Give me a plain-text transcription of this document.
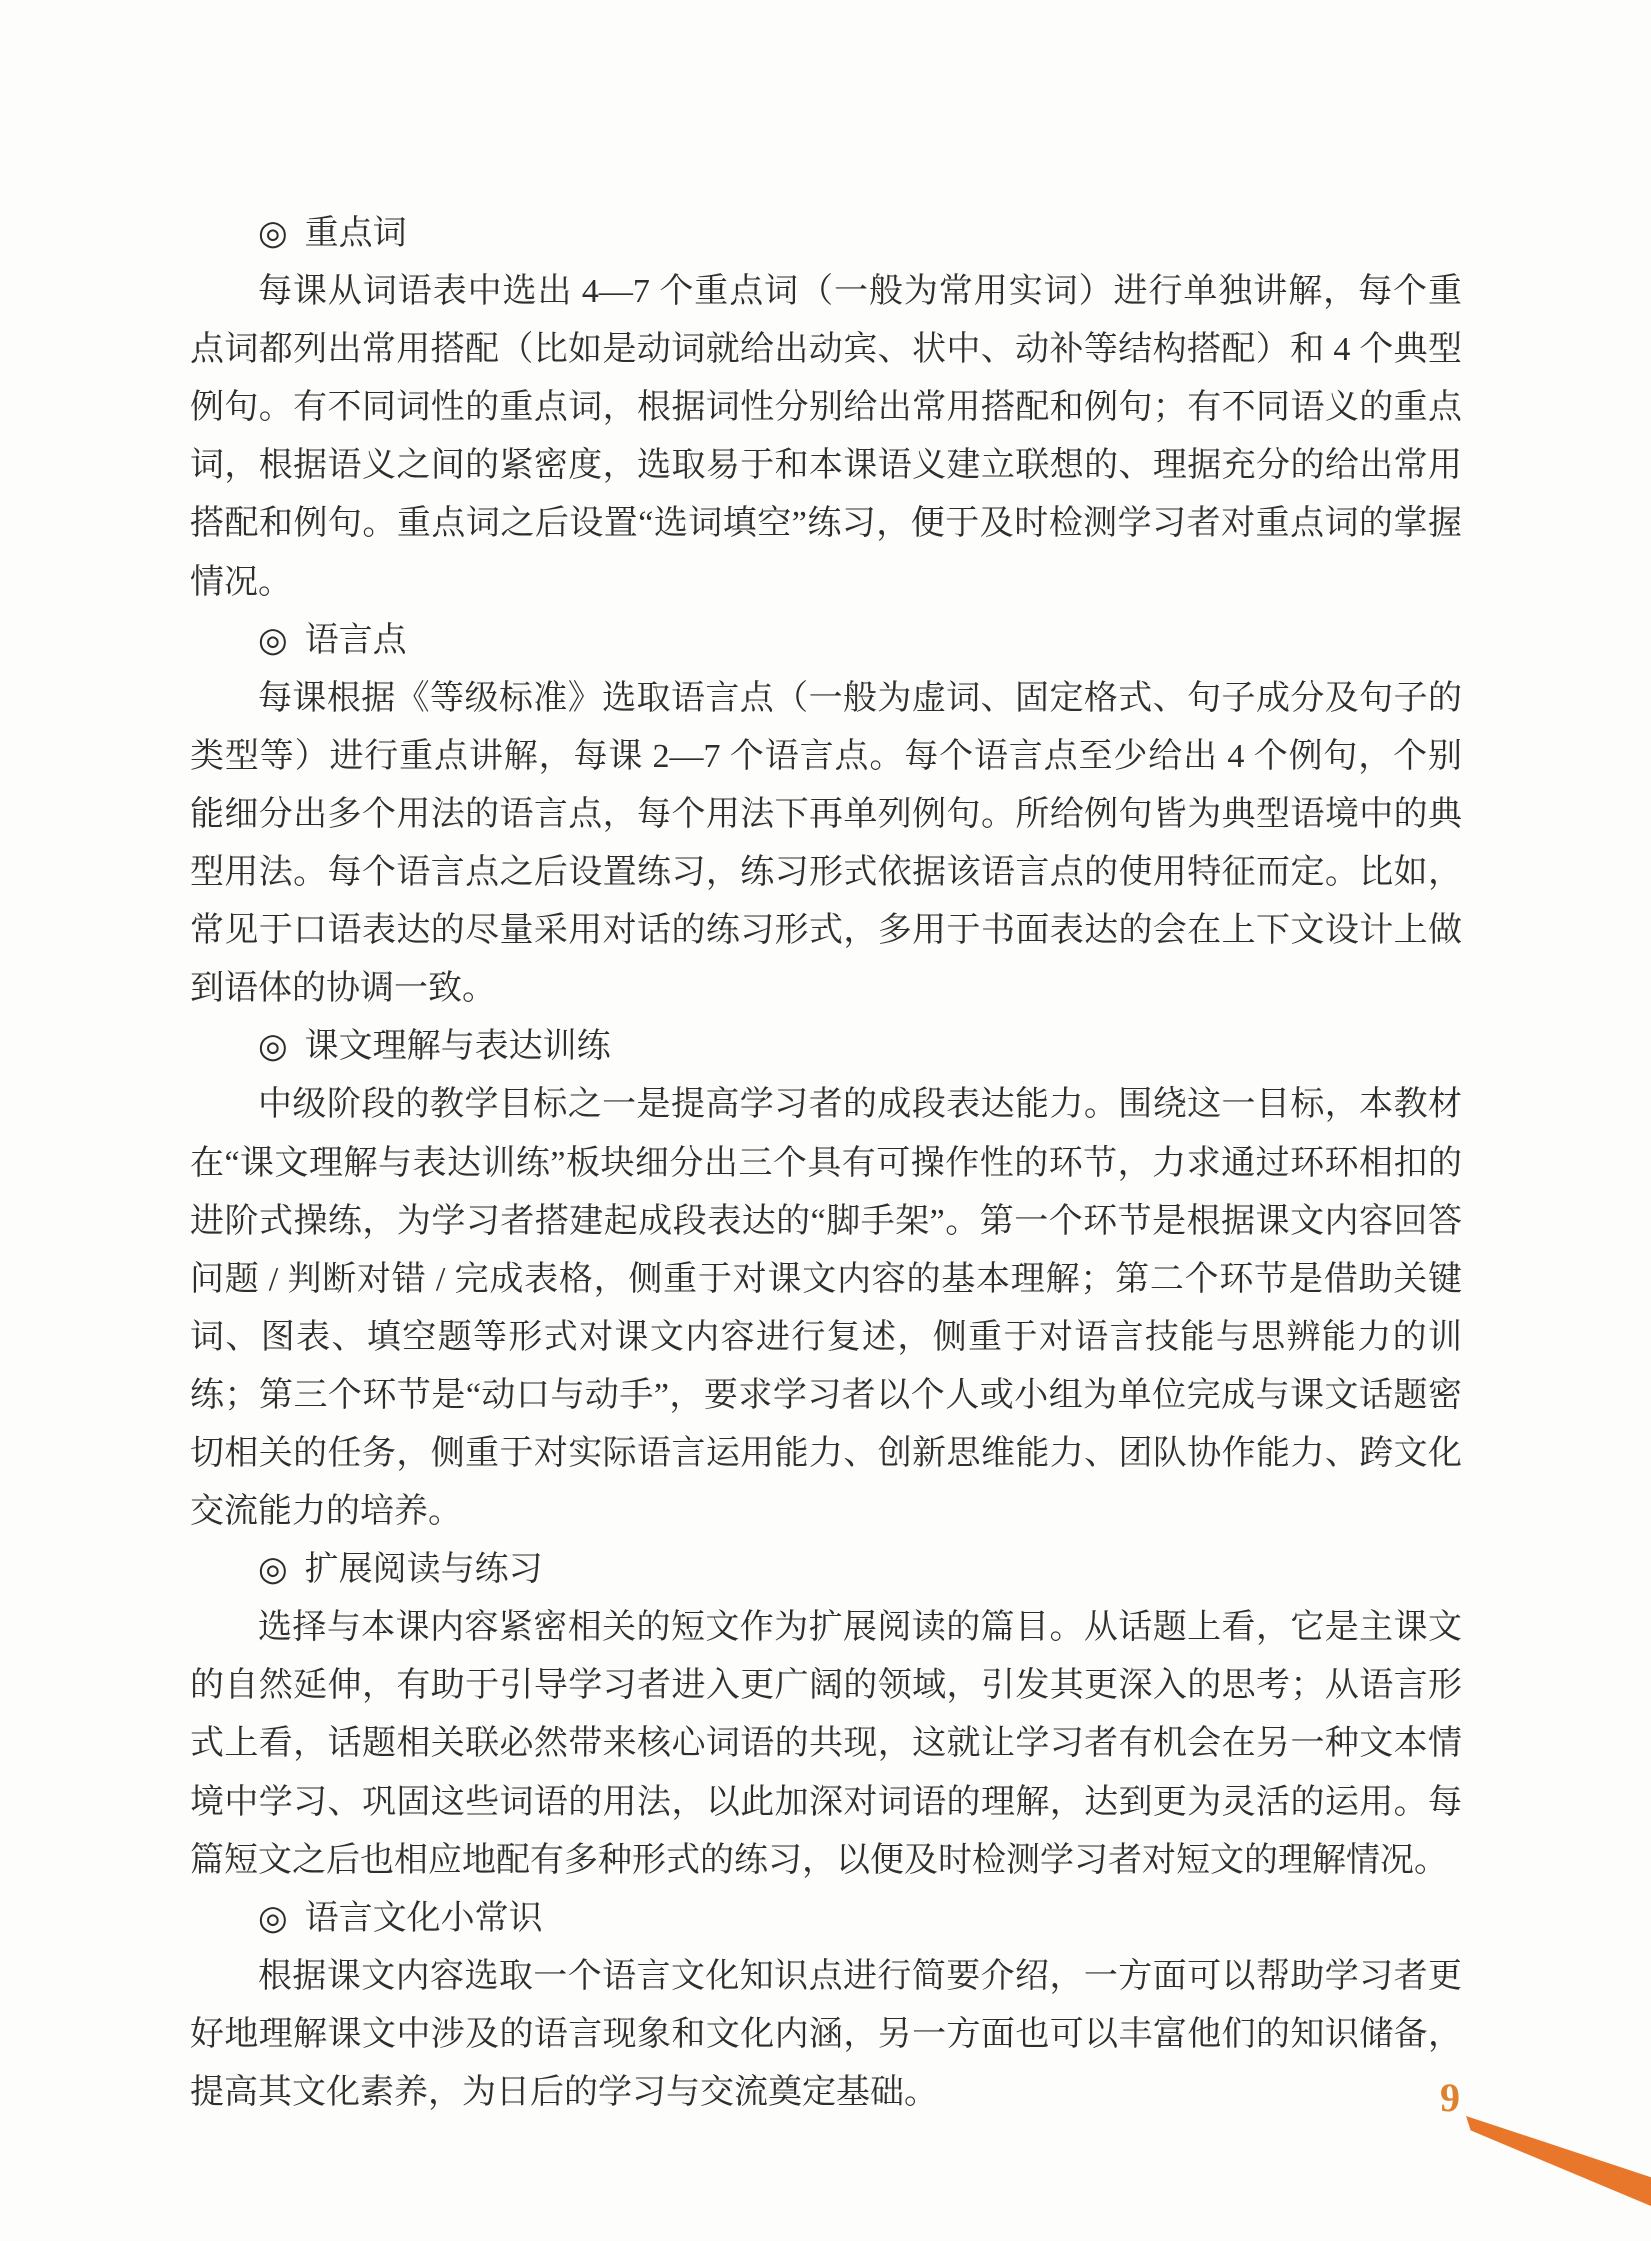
◎ 重点词

每课从词语表中选出 4—7 个重点词（一般为常用实词）进行单独讲解，每个重点词都列出常用搭配（比如是动词就给出动宾、状中、动补等结构搭配）和 4 个典型例句。有不同词性的重点词，根据词性分别给出常用搭配和例句；有不同语义的重点词，根据语义之间的紧密度，选取易于和本课语义建立联想的、理据充分的给出常用搭配和例句。重点词之后设置“选词填空”练习，便于及时检测学习者对重点词的掌握情况。

◎ 语言点

每课根据《等级标准》选取语言点（一般为虚词、固定格式、句子成分及句子的类型等）进行重点讲解，每课 2—7 个语言点。每个语言点至少给出 4 个例句，个别能细分出多个用法的语言点，每个用法下再单列例句。所给例句皆为典型语境中的典型用法。每个语言点之后设置练习，练习形式依据该语言点的使用特征而定。比如，常见于口语表达的尽量采用对话的练习形式，多用于书面表达的会在上下文设计上做到语体的协调一致。

◎ 课文理解与表达训练

中级阶段的教学目标之一是提高学习者的成段表达能力。围绕这一目标，本教材在“课文理解与表达训练”板块细分出三个具有可操作性的环节，力求通过环环相扣的进阶式操练，为学习者搭建起成段表达的“脚手架”。第一个环节是根据课文内容回答问题 / 判断对错 / 完成表格，侧重于对课文内容的基本理解；第二个环节是借助关键词、图表、填空题等形式对课文内容进行复述，侧重于对语言技能与思辨能力的训练；第三个环节是“动口与动手”，要求学习者以个人或小组为单位完成与课文话题密切相关的任务，侧重于对实际语言运用能力、创新思维能力、团队协作能力、跨文化交流能力的培养。

◎ 扩展阅读与练习

选择与本课内容紧密相关的短文作为扩展阅读的篇目。从话题上看，它是主课文的自然延伸，有助于引导学习者进入更广阔的领域，引发其更深入的思考；从语言形式上看，话题相关联必然带来核心词语的共现，这就让学习者有机会在另一种文本情境中学习、巩固这些词语的用法，以此加深对词语的理解，达到更为灵活的运用。每篇短文之后也相应地配有多种形式的练习，以便及时检测学习者对短文的理解情况。

◎ 语言文化小常识

根据课文内容选取一个语言文化知识点进行简要介绍，一方面可以帮助学习者更好地理解课文中涉及的语言现象和文化内涵，另一方面也可以丰富他们的知识储备，提高其文化素养，为日后的学习与交流奠定基础。	9
